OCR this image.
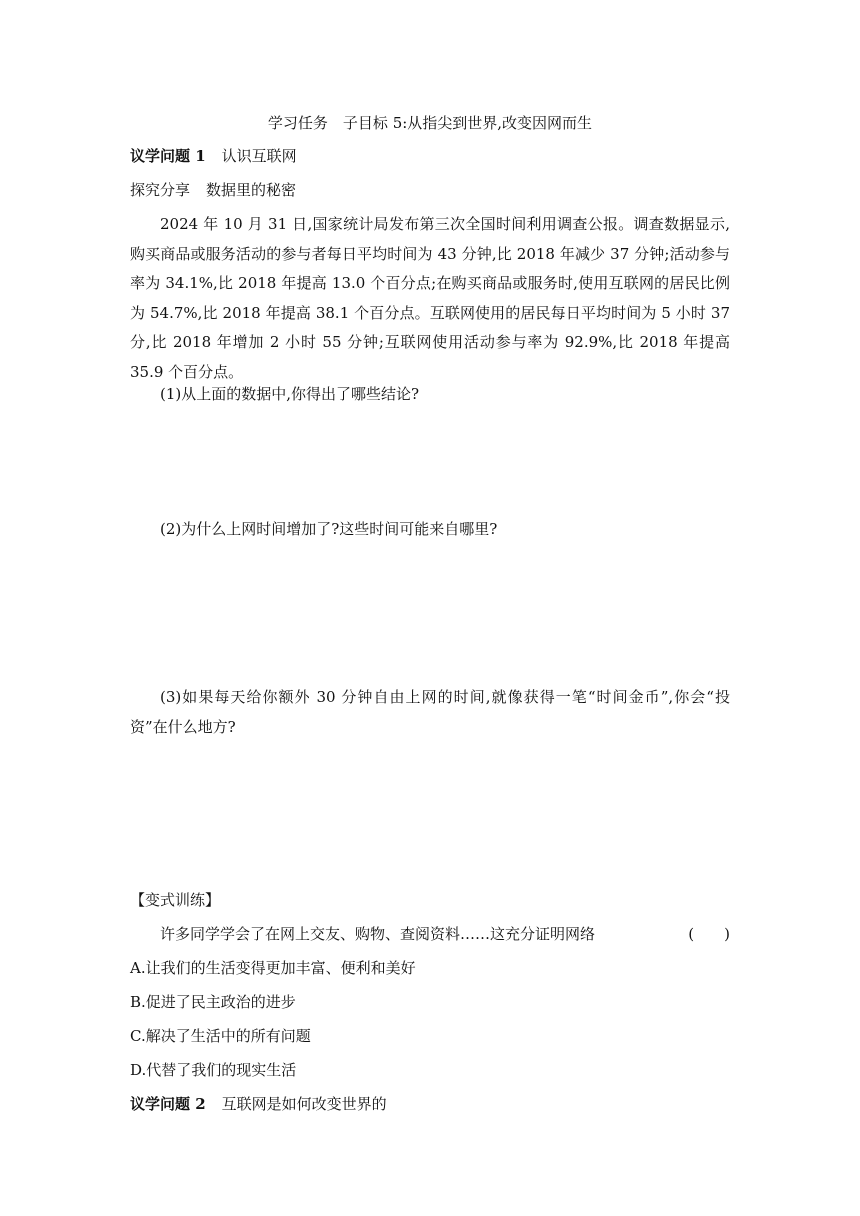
学习任务　子目标 5:从指尖到世界,改变因网而生
议学问题 1 认识互联网
探究分享 数据里的秘密
2024 年 10 月 31 日,国家统计局发布第三次全国时间利用调查公报。调查数据显示,购买商品或服务活动的参与者每日平均时间为 43 分钟,比 2018 年减少 37 分钟;活动参与率为 34.1%,比 2018 年提高 13.0 个百分点;在购买商品或服务时,使用互联网的居民比例为 54.7%,比 2018 年提高 38.1 个百分点。互联网使用的居民每日平均时间为 5 小时 37 分,比 2018 年增加 2 小时 55 分钟;互联网使用活动参与率为 92.9%,比 2018 年提高 35.9 个百分点。
(1)从上面的数据中,你得出了哪些结论?
(2)为什么上网时间增加了?这些时间可能来自哪里?
(3)如果每天给你额外 30 分钟自由上网的时间,就像获得一笔“时间金币”,你会“投资”在什么地方?
【变式训练】
许多同学学会了在网上交友、购物、查阅资料……这充分证明网络	(　　)
A.让我们的生活变得更加丰富、便利和美好
B.促进了民主政治的进步
C.解决了生活中的所有问题
D.代替了我们的现实生活
议学问题 2 互联网是如何改变世界的
